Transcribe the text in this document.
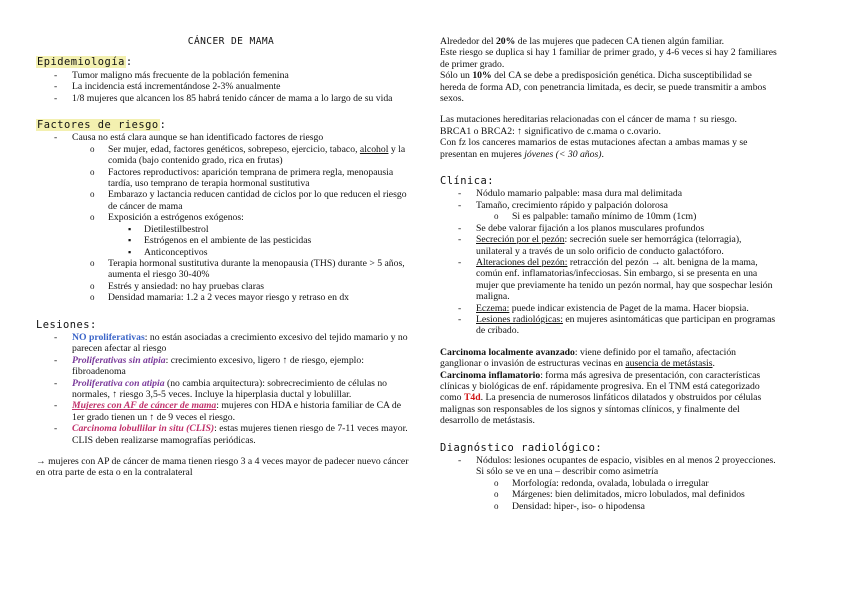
CÁNCER DE MAMA
Epidemiología:
- Tumor maligno más frecuente de la población femenina
- La incidencia está incrementándose 2-3% anualmente
- 1/8 mujeres que alcancen los 85 habrá tenido cáncer de mama a lo largo de su vida
Factores de riesgo:
- Causa no está clara aunque se han identificado factores de riesgo
o Ser mujer, edad, factores genéticos, sobrepeso, ejercicio, tabaco, alcohol y la comida (bajo contenido grado, rica en frutas)
o Factores reproductivos: aparición temprana de primera regla, menopausia tardía, uso temprano de terapia hormonal sustitutiva
o Embarazo y lactancia reducen cantidad de ciclos por lo que reducen el riesgo de cáncer de mama
o Exposición a estrógenos exógenos:
▪ Dietilestilbestrol
▪ Estrógenos en el ambiente de las pesticidas
▪ Anticonceptivos
o Terapia hormonal sustitutiva durante la menopausia (THS) durante > 5 años, aumenta el riesgo 30-40%
o Estrés y ansiedad: no hay pruebas claras
o Densidad mamaria: 1.2 a 2 veces mayor riesgo y retraso en dx
Lesiones:
- NO proliferativas: no están asociadas a crecimiento excesivo del tejido mamario y no parecen afectar al riesgo
- Proliferativas sin atipia: crecimiento excesivo, ligero ↑ de riesgo, ejemplo: fibroadenoma
- Proliferativa con atipia (no cambia arquitectura): sobrecrecimiento de células no normales, ↑ riesgo 3,5-5 veces. Incluye la hiperplasia ductal y lobulillar.
- Mujeres con AF de cáncer de mama: mujeres con HDA e historia familiar de CA de 1er grado tienen un ↑ de 9 veces el riesgo.
- Carcinoma lobullilar in situ (CLIS): estas mujeres tienen riesgo de 7-11 veces mayor. CLIS deben realizarse mamografías periódicas.

→ mujeres con AP de cáncer de mama tienen riesgo 3 a 4 veces mayor de padecer nuevo cáncer en otra parte de esta o en la contralateral

Alrededor del 20% de las mujeres que padecen CA tienen algún familiar.

Este riesgo se duplica si hay 1 familiar de primer grado, y 4-6 veces si hay 2 familiares de primer grado.

Sólo un 10% del CA se debe a predisposición genética. Dicha susceptibilidad se hereda de forma AD, con penetrancia limitada, es decir, se puede transmitir a ambos sexos.

Las mutaciones hereditarias relacionadas con el cáncer de mama ↑ su riesgo.

BRCA1 o BRCA2: ↑ significativo de c.mama o c.ovario.

Con fz los canceres mamarios de estas mutaciones afectan a ambas mamas y se presentan en mujeres jóvenes (< 30 años).

Clínica:
- Nódulo mamario palpable: masa dura mal delimitada
- Tamaño, crecimiento rápido y palpación dolorosa
o Si es palpable: tamaño mínimo de 10mm (1cm)
- Se debe valorar fijación a los planos musculares profundos
- Secreción por el pezón: secreción suele ser hemorrágica (telorragia), unilateral y a través de un solo orificio de conducto galactóforo.
- Alteraciones del pezón: retracción del pezón → alt. benigna de la mama, común enf. inflamatorias/infecciosas. Sin embargo, si se presenta en una mujer que previamente ha tenido un pezón normal, hay que sospechar lesión maligna.
- Eczema: puede indicar existencia de Paget de la mama. Hacer biopsia.
- Lesiones radiológicas: en mujeres asintomáticas que participan en programas de cribado.

Carcinoma localmente avanzado: viene definido por el tamaño, afectación ganglionar o invasión de estructuras vecinas en ausencia de metástasis.

Carcinoma inflamatorio: forma más agresiva de presentación, con características clínicas y biológicas de enf. rápidamente progresiva. En el TNM está categorizado como T4d. La presencia de numerosos linfáticos dilatados y obstruidos por células malignas son responsables de los signos y síntomas clínicos, y finalmente del desarrollo de metástasis.

Diagnóstico radiológico:
- Nódulos: lesiones ocupantes de espacio, visibles en al menos 2 proyecciones. Si sólo se ve en una – describir como asimetría
o Morfología: redonda, ovalada, lobulada o irregular
o Márgenes: bien delimitados, micro lobulados, mal definidos
o Densidad: hiper-, iso- o hipodensa
